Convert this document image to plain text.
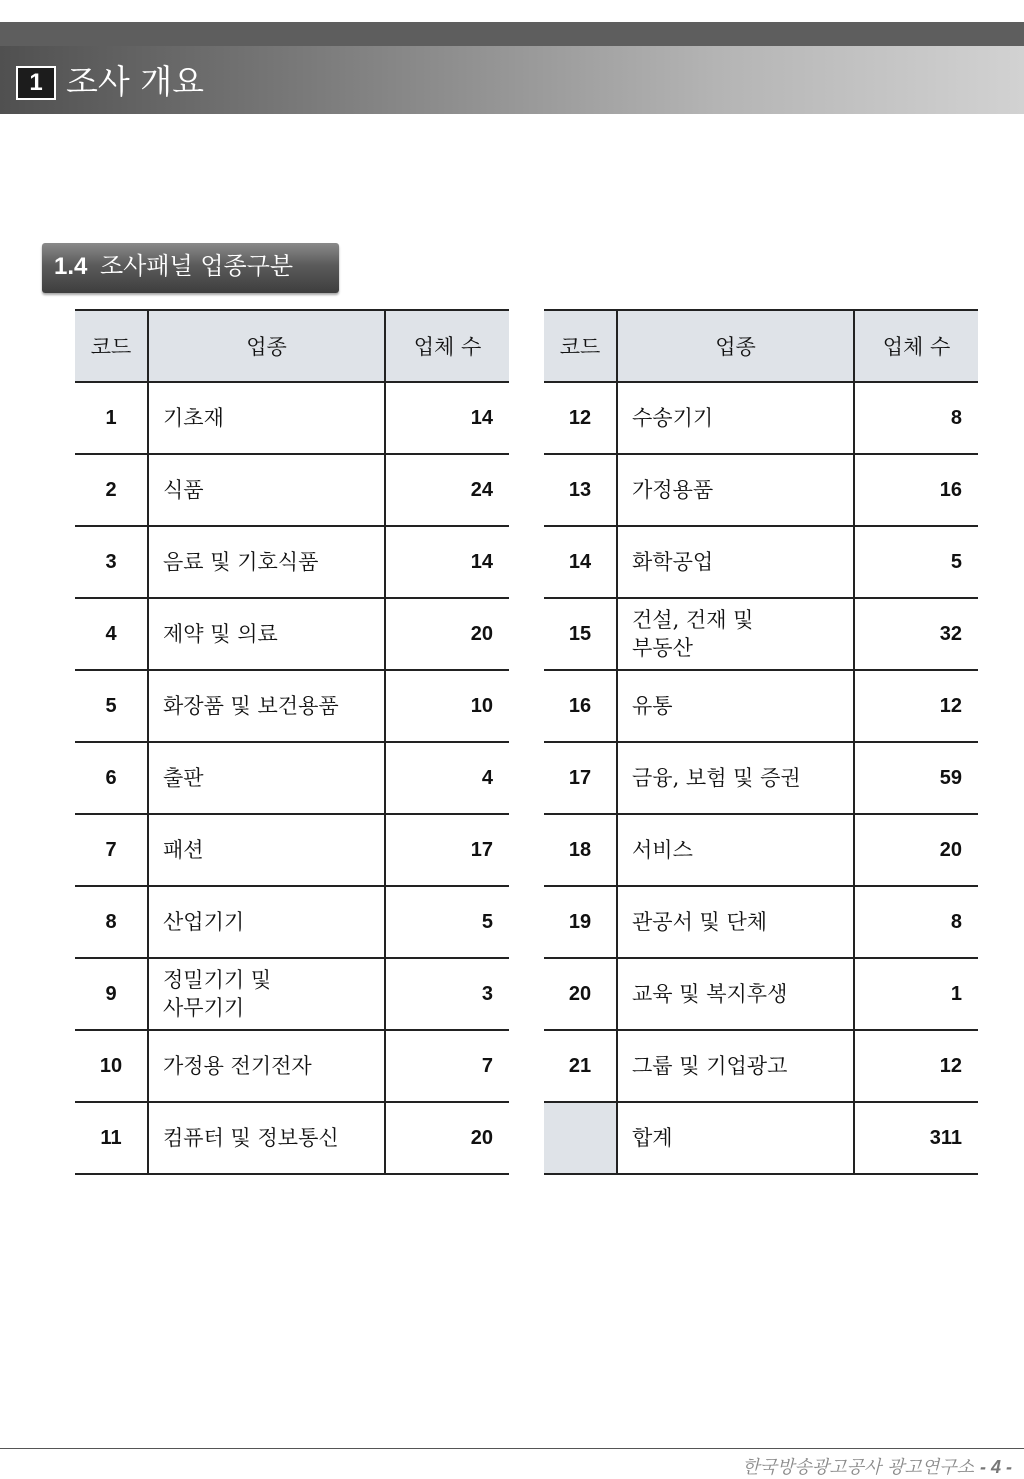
1 조사 개요
1.4 조사패널 업종구분
코드	업종	업체 수
1	기초재	14
2	식품	24
3	음료 및 기호식품	14
4	제약 및 의료	20
5	화장품 및 보건용품	10
6	출판	4
7	패션	17
8	산업기기	5
9	정밀기기 및
사무기기	3
10	가정용 전기전자	7
11	컴퓨터 및 정보통신	20
코드	업종	업체 수
12	수송기기	8
13	가정용품	16
14	화학공업	5
15	건설, 건재 및
부동산	32
16	유통	12
17	금융, 보험 및 증권	59
18	서비스	20
19	관공서 및 단체	8
20	교육 및 복지후생	1
21	그룹 및 기업광고	12
	합계	311
한국방송광고공사 광고연구소 - 4 -
